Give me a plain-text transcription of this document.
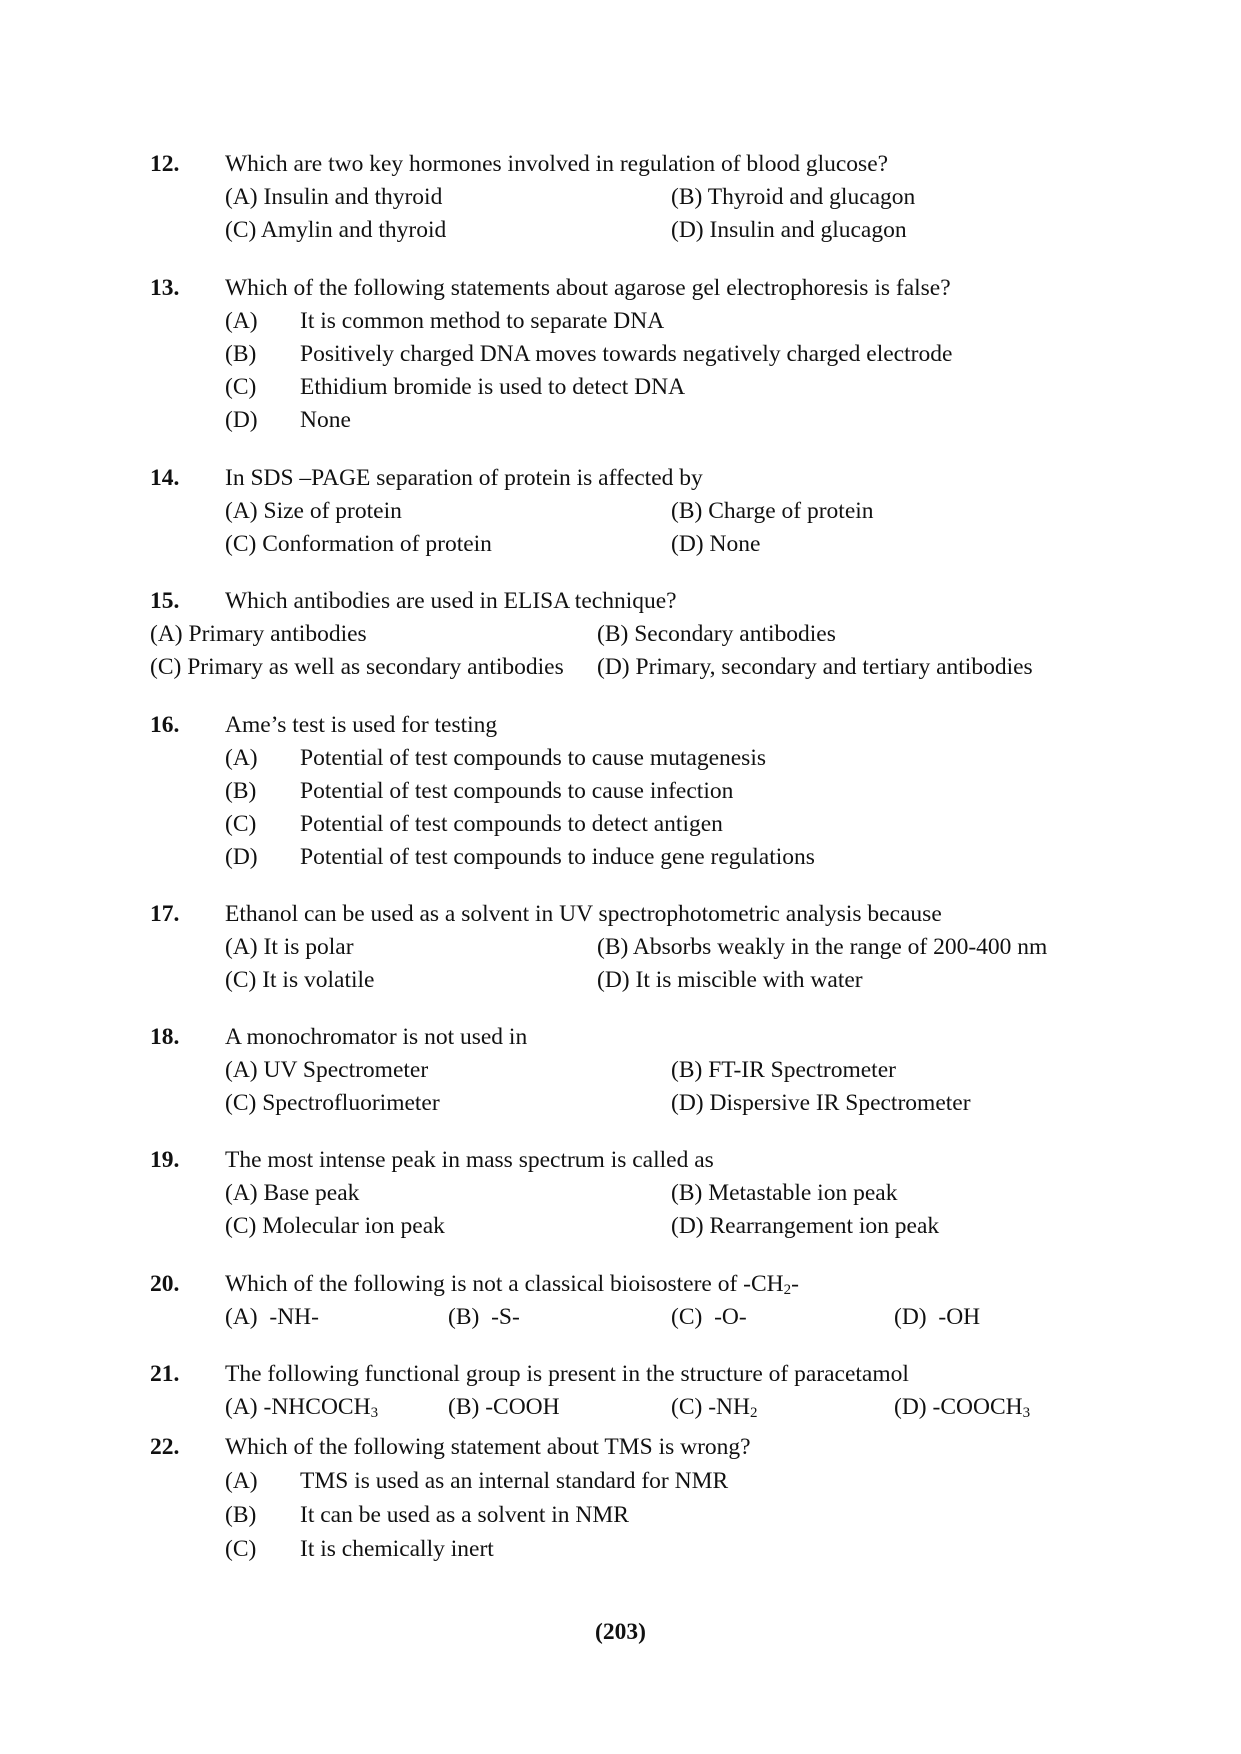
12. Which are two key hormones involved in regulation of blood glucose?
(A) Insulin and thyroid	(B) Thyroid and glucagon
(C) Amylin and thyroid	(D) Insulin and glucagon
13. Which of the following statements about agarose gel electrophoresis is false?
(A) It is common method to separate DNA
(B) Positively charged DNA moves towards negatively charged electrode
(C) Ethidium bromide is used to detect DNA
(D) None
14. In SDS –PAGE separation of protein is affected by
(A) Size of protein	(B) Charge of protein
(C) Conformation of protein	(D) None
15. Which antibodies are used in ELISA technique?
(A) Primary antibodies	(B) Secondary antibodies
(C) Primary as well as secondary antibodies (D) Primary, secondary and tertiary antibodies
16. Ame’s test is used for testing
(A) Potential of test compounds to cause mutagenesis
(B) Potential of test compounds to cause infection
(C) Potential of test compounds to detect antigen
(D) Potential of test compounds to induce gene regulations
17. Ethanol can be used as a solvent in UV spectrophotometric analysis because
(A) It is polar	(B) Absorbs weakly in the range of 200-400 nm
(C) It is volatile	(D) It is miscible with water
18. A monochromator is not used in
(A) UV Spectrometer	(B) FT-IR Spectrometer
(C) Spectrofluorimeter	(D) Dispersive IR Spectrometer
19. The most intense peak in mass spectrum is called as
(A) Base peak	(B) Metastable ion peak
(C) Molecular ion peak	(D) Rearrangement ion peak
20. Which of the following is not a classical bioisostere of $-CH_2-$
(A)  -NH-	(B)  -S-	(C)  -O-	(D)  -OH
21. The following functional group is present in the structure of paracetamol
(A) $-NHCOCH_3$	(B) -COOH	(C) $-NH_2$	(D) $-COOCH_3$
22. Which of the following statement about TMS is wrong?
(A) TMS is used as an internal standard for NMR
(B) It can be used as a solvent in NMR
(C) It is chemically inert
(203)
